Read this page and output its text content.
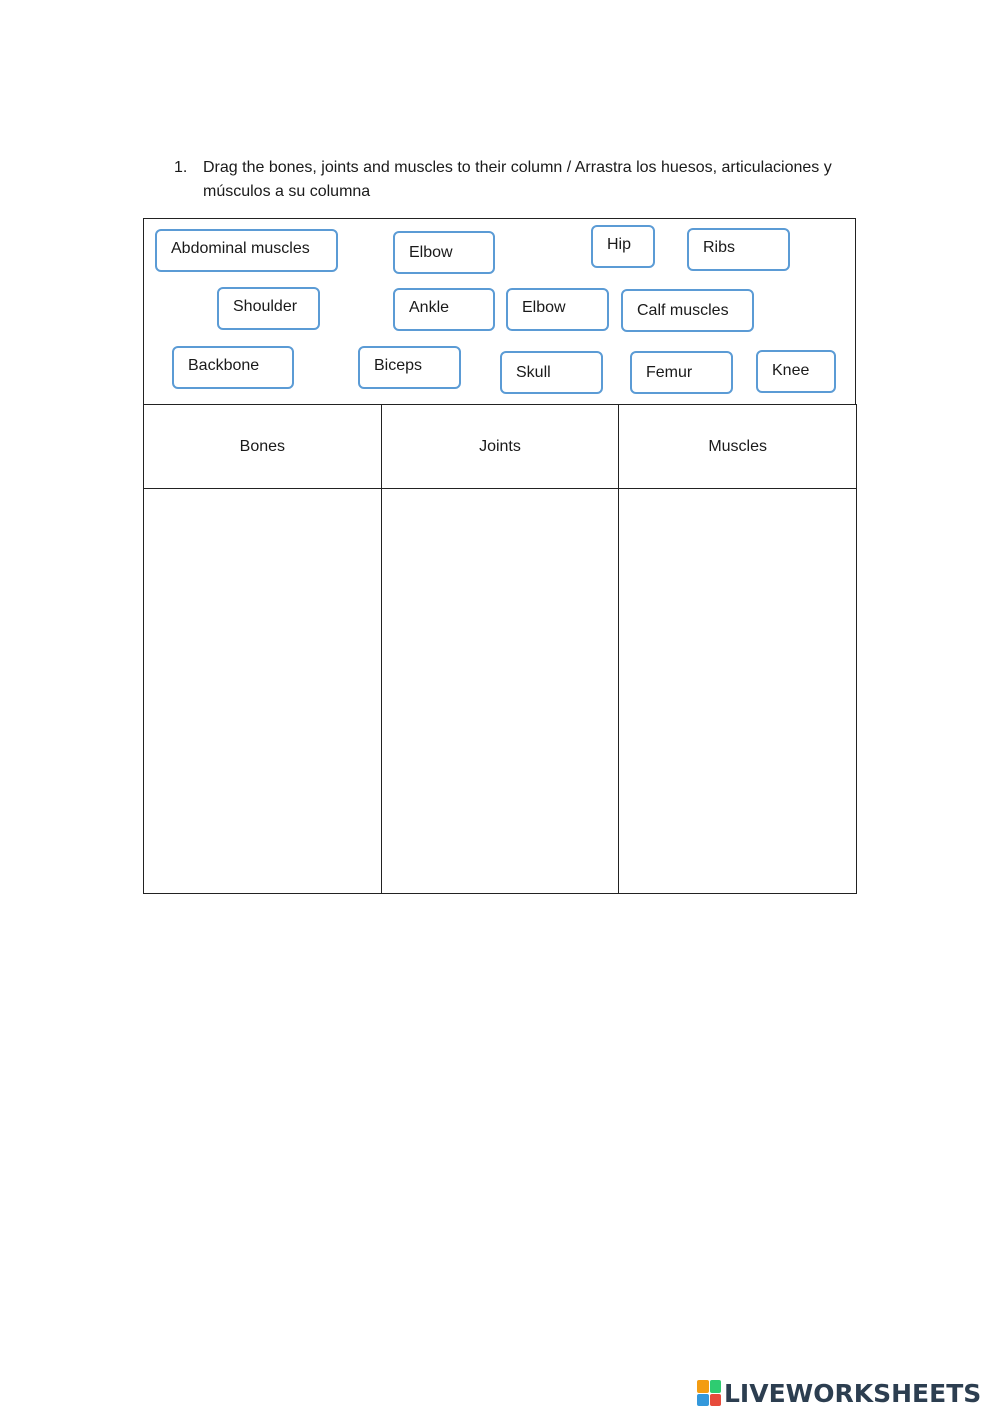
1. Drag the bones, joints and muscles to their column / Arrastra los huesos, articulaciones y músculos a su columna
Abdominal muscles	Elbow	Hip	Ribs
Shoulder	Ankle	Elbow	Calf muscles
Backbone	Biceps	Skull	Femur	Knee
Bones	Joints	Muscles

LIVEWORKSHEETS
